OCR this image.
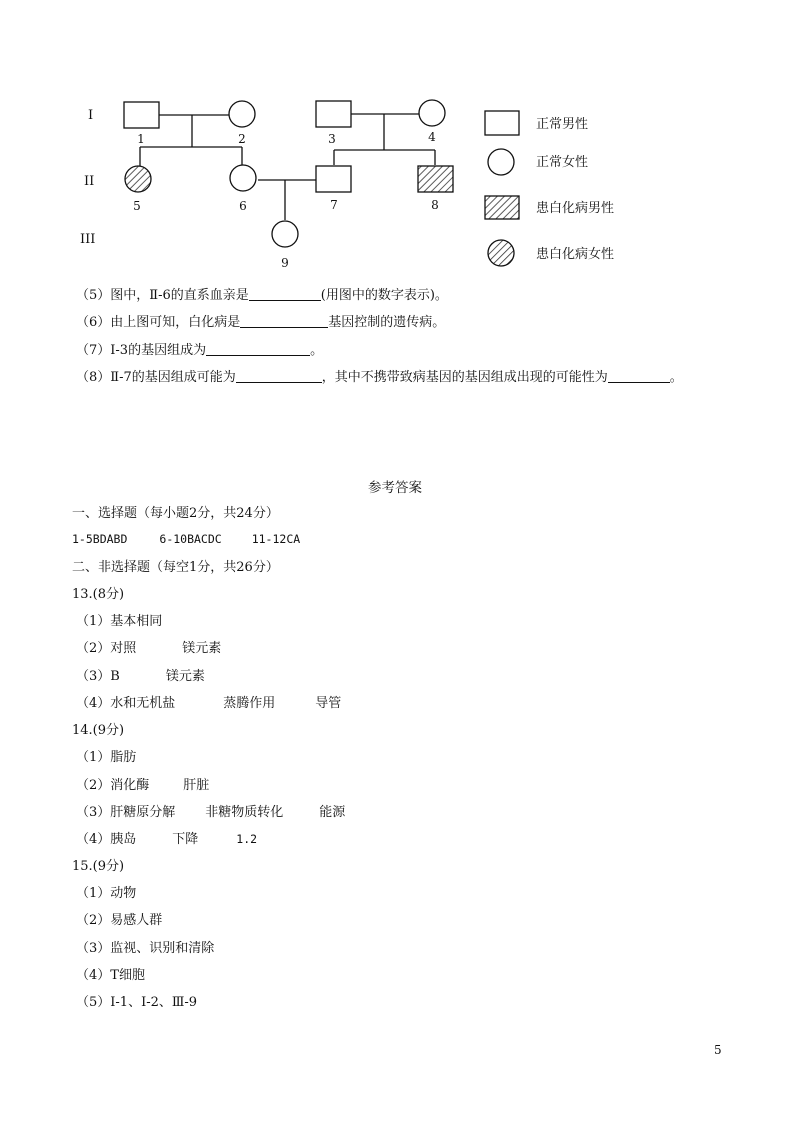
I
II
III
1	2	3	4
5	6	7	8
9
正常男性
正常女性
患白化病男性
患白化病女性
（5）图中，Ⅱ-6的直系血亲是	(用图中的数字表示)。
（6）由上图可知，白化病是	基因控制的遗传病。
（7）Ⅰ-3的基因组成为	。
（8）Ⅱ-7的基因组成可能为	，其中不携带致病基因的基因组成出现的可能性为	。
参考答案
一、选择题（每小题2分，共24分）
1-5BDABD	6-10BACDC	11-12CA
二、非选择题（每空1分，共26分）
13.(8分)
（1）基本相同
（2）对照	镁元素
（3）B	镁元素
（4）水和无机盐	蒸腾作用	导管
14.(9分)
（1）脂肪
（2）消化酶	肝脏
（3）肝糖原分解 非糖物质转化	能源
（4）胰岛	下降	1.2
15.(9分)
（1）动物
（2）易感人群
（3）监视、识别和清除
（4）T细胞
（5）Ⅰ-1、Ⅰ-2、Ⅲ-9
5
